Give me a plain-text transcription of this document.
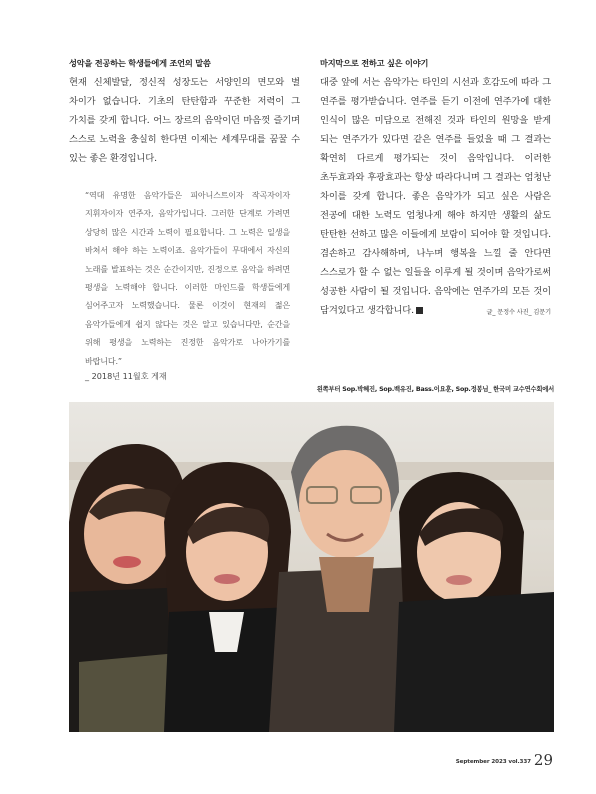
성악을 전공하는 학생들에게 조언의 말씀

현재 신체발달, 정신적 성장도는 서양인의 면모와 별 차이가 없습니다. 기초의 탄탄함과 꾸준한 저력이 그 가치를 갖게 합니다. 어느 장르의 음악이던 마음껏 즐기며 스스로 노력을 충실히 한다면 이제는 세계무대를 꿈꿀 수 있는 좋은 환경입니다.

“역대 유명한 음악가들은 피아니스트이자 작곡자이자 지휘자이자 연주자, 음악가입니다. 그러한 단계로 가려면 상당히 많은 시간과 노력이 필요합니다. 그 노력은 일생을 바쳐서 해야 하는 노력이죠. 음악가들이 무대에서 자신의 노래를 발표하는 것은 순간이지만, 진정으로 음악을 하려면 평생을 노력해야 합니다. 이러한 마인드를 학생들에게 심어주고자 노력했습니다. 물론 이것이 현재의 젊은 음악가들에게 쉽지 않다는 것은 알고 있습니다만, 순간을 위해 평생을 노력하는 진정한 음악가로 나아가기를 바랍니다.”
_ 2018년 11월호 게재
마지막으로 전하고 싶은 이야기

대중 앞에 서는 음악가는 타인의 시선과 호감도에 따라 그 연주를 평가받습니다. 연주를 듣기 이전에 연주가에 대한 인식이 많은 미담으로 전해진 것과 타인의 원망을 받게 되는 연주가가 있다면 같은 연주를 들었을 때 그 결과는 확연히 다르게 평가되는 것이 음악입니다. 이러한 초두효과와 후광효과는 항상 따라다니며 그 결과는 엄청난 차이를 갖게 합니다. 좋은 음악가가 되고 싶은 사람은 전공에 대한 노력도 엄청나게 해야 하지만 생활의 삶도 탄탄한 선하고 많은 이들에게 보람이 되어야 할 것입니다. 겸손하고 감사해하며, 나누며 행복을 느낄 줄 안다면 스스로가 할 수 없는 일들을 이루게 될 것이며 음악가로써 성공한 사람이 될 것입니다. 음악에는 연주가의 모든 것이 담겨있다고 생각합니다.	글_ 문정수 사진_ 김문기
왼쪽부터 Sop.박혜진, Sop.백유진, Bass.이요훈, Sop.정봉님_ 한국미 교수연수회에서
September 2023 vol.337 29
